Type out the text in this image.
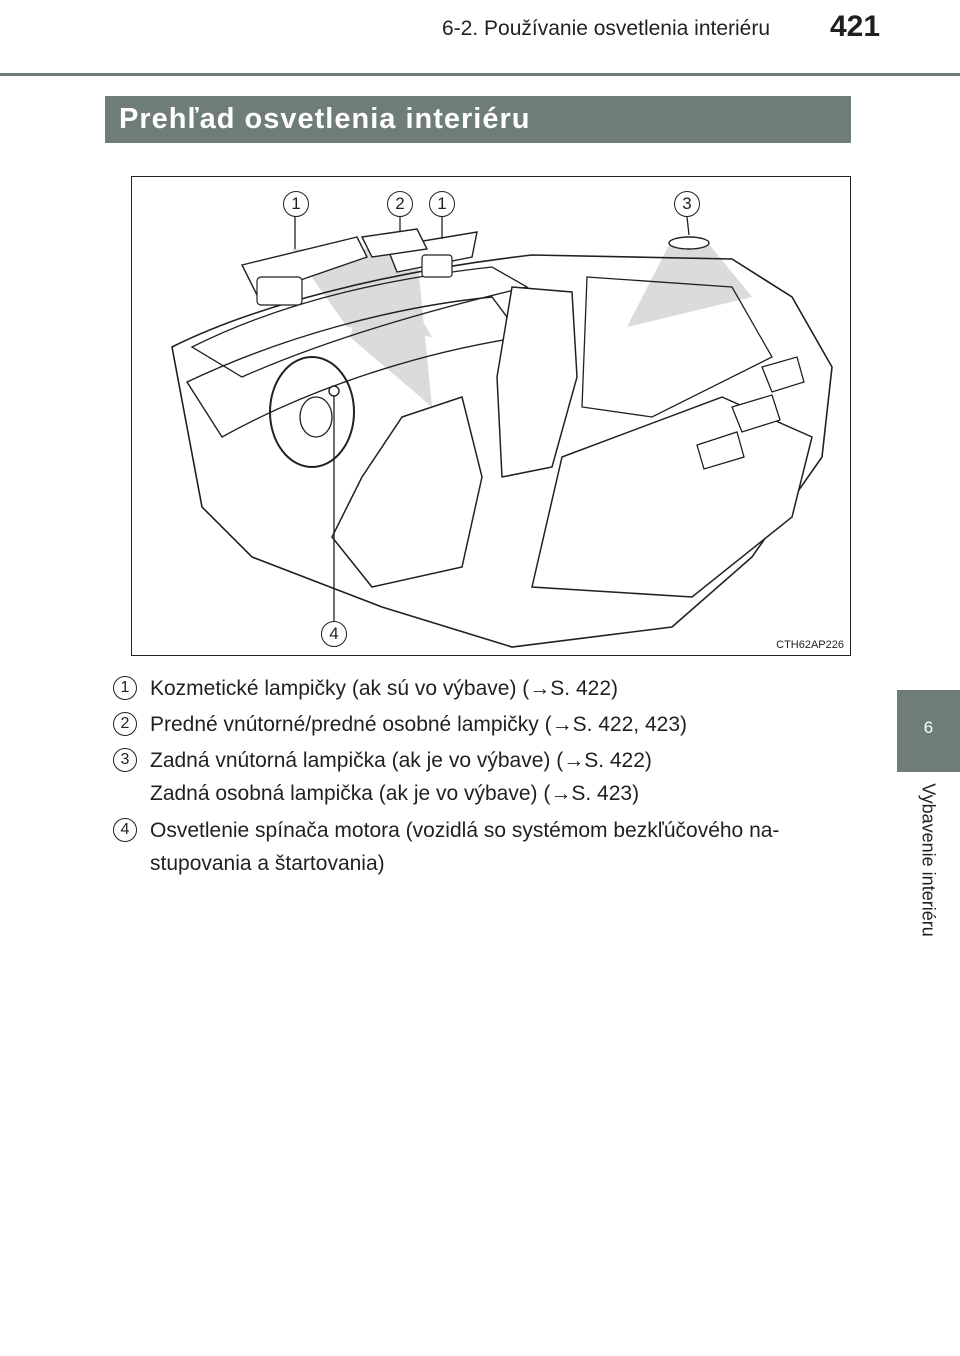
6-2. Používanie osvetlenia interiéru 421
Prehľad osvetlenia interiéru
1	2	1	3
4
CTH62AP226
1 Kozmetické lampičky (ak sú vo výbave) (→S. 422)
2 Predné vnútorné/predné osobné lampičky (→S. 422, 423)
3 Zadná vnútorná lampička (ak je vo výbave) (→S. 422)
Zadná osobná lampička (ak je vo výbave) (→S. 423)
4 Osvetlenie spínača motora (vozidlá so systémom bezkľúčového na-
stupovania a štartovania)
6
Vybavenie interiéru
